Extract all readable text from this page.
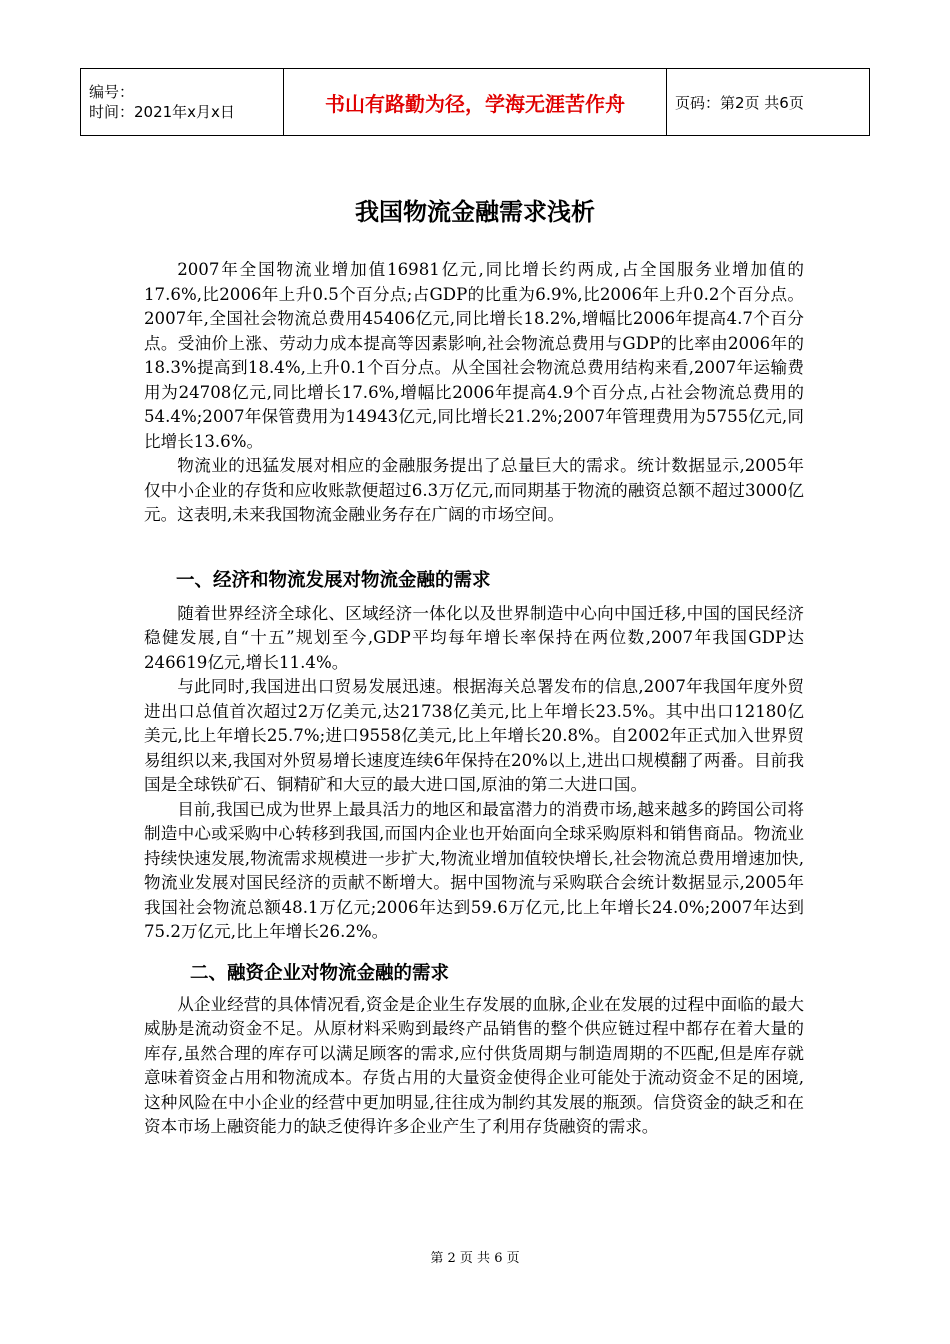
编号：
时间：2021年x月x日	书山有路勤为径，学海无涯苦作舟	页码：第2页 共6页
我国物流金融需求浅析

2007年全国物流业增加值16981亿元,同比增长约两成,占全国服务业增加值的17.6%,比2006年上升0.5个百分点;占GDP的比重为6.9%,比2006年上升0.2个百分点。2007年,全国社会物流总费用45406亿元,同比增长18.2%,增幅比2006年提高4.7个百分点。受油价上涨、劳动力成本提高等因素影响,社会物流总费用与GDP的比率由2006年的18.3%提高到18.4%,上升0.1个百分点。从全国社会物流总费用结构来看,2007年运输费用为24708亿元,同比增长17.6%,增幅比2006年提高4.9个百分点,占社会物流总费用的54.4%;2007年保管费用为14943亿元,同比增长21.2%;2007年管理费用为5755亿元,同比增长13.6%。

物流业的迅猛发展对相应的金融服务提出了总量巨大的需求。统计数据显示,2005年仅中小企业的存货和应收账款便超过6.3万亿元,而同期基于物流的融资总额不超过3000亿元。这表明,未来我国物流金融业务存在广阔的市场空间。

一、经济和物流发展对物流金融的需求

随着世界经济全球化、区域经济一体化以及世界制造中心向中国迁移,中国的国民经济稳健发展,自“十五”规划至今,GDP平均每年增长率保持在两位数,2007年我国GDP达 246619亿元,增长11.4%。

与此同时,我国进出口贸易发展迅速。根据海关总署发布的信息,2007年我国年度外贸进出口总值首次超过2万亿美元,达21738亿美元,比上年增长23.5%。其中出口12180亿美元,比上年增长25.7%;进口9558亿美元,比上年增长20.8%。自2002年正式加入世界贸易组织以来,我国对外贸易增长速度连续6年保持在20%以上,进出口规模翻了两番。目前我国是全球铁矿石、铜精矿和大豆的最大进口国,原油的第二大进口国。

目前,我国已成为世界上最具活力的地区和最富潜力的消费市场,越来越多的跨国公司将制造中心或采购中心转移到我国,而国内企业也开始面向全球采购原料和销售商品。物流业持续快速发展,物流需求规模进一步扩大,物流业增加值较快增长,社会物流总费用增速加快,物流业发展对国民经济的贡献不断增大。据中国物流与采购联合会统计数据显示,2005年我国社会物流总额48.1万亿元;2006年达到59.6万亿元,比上年增长24.0%;2007年达到75.2万亿元,比上年增长26.2%。

二、融资企业对物流金融的需求

从企业经营的具体情况看,资金是企业生存发展的血脉,企业在发展的过程中面临的最大威胁是流动资金不足。从原材料采购到最终产品销售的整个供应链过程中都存在着大量的库存,虽然合理的库存可以满足顾客的需求,应付供货周期与制造周期的不匹配,但是库存就意味着资金占用和物流成本。存货占用的大量资金使得企业可能处于流动资金不足的困境,这种风险在中小企业的经营中更加明显,往往成为制约其发展的瓶颈。信贷资金的缺乏和在资本市场上融资能力的缺乏使得许多企业产生了利用存货融资的需求。

第 2 页 共 6 页
